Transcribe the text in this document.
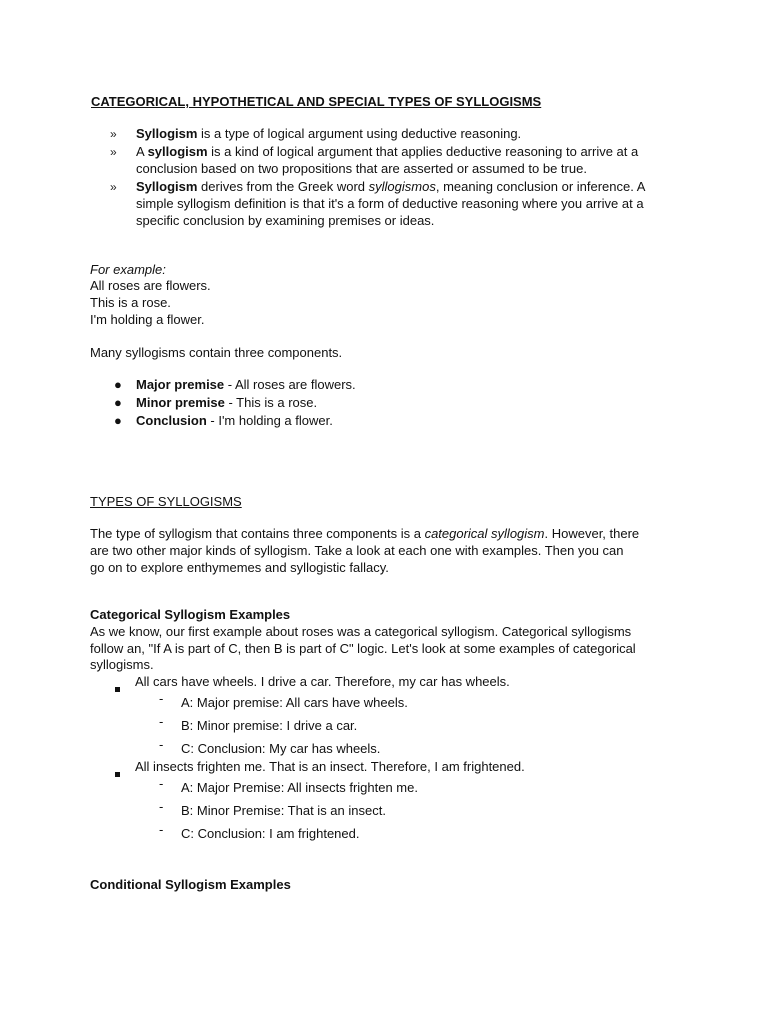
CATEGORICAL, HYPOTHETICAL AND SPECIAL TYPES OF SYLLOGISMS
» Syllogism is a type of logical argument using deductive reasoning.
» A syllogism is a kind of logical argument that applies deductive reasoning to arrive at a
conclusion based on two propositions that are asserted or assumed to be true.
» Syllogism derives from the Greek word syllogismos, meaning conclusion or inference. A
simple syllogism definition is that it's a form of deductive reasoning where you arrive at a
specific conclusion by examining premises or ideas.
For example:
All roses are flowers.
This is a rose.
I'm holding a flower.
Many syllogisms contain three components.
● Major premise - All roses are flowers.
● Minor premise - This is a rose.
● Conclusion - I'm holding a flower.
TYPES OF SYLLOGISMS
The type of syllogism that contains three components is a categorical syllogism. However, there
are two other major kinds of syllogism. Take a look at each one with examples. Then you can
go on to explore enthymemes and syllogistic fallacy.
Categorical Syllogism Examples
As we know, our first example about roses was a categorical syllogism. Categorical syllogisms
follow an, "If A is part of C, then B is part of C" logic. Let's look at some examples of categorical
syllogisms.
All cars have wheels. I drive a car. Therefore, my car has wheels.
- A: Major premise: All cars have wheels.
- B: Minor premise: I drive a car.
- C: Conclusion: My car has wheels.
All insects frighten me. That is an insect. Therefore, I am frightened.
- A: Major Premise: All insects frighten me.
- B: Minor Premise: That is an insect.
- C: Conclusion: I am frightened.
Conditional Syllogism Examples
